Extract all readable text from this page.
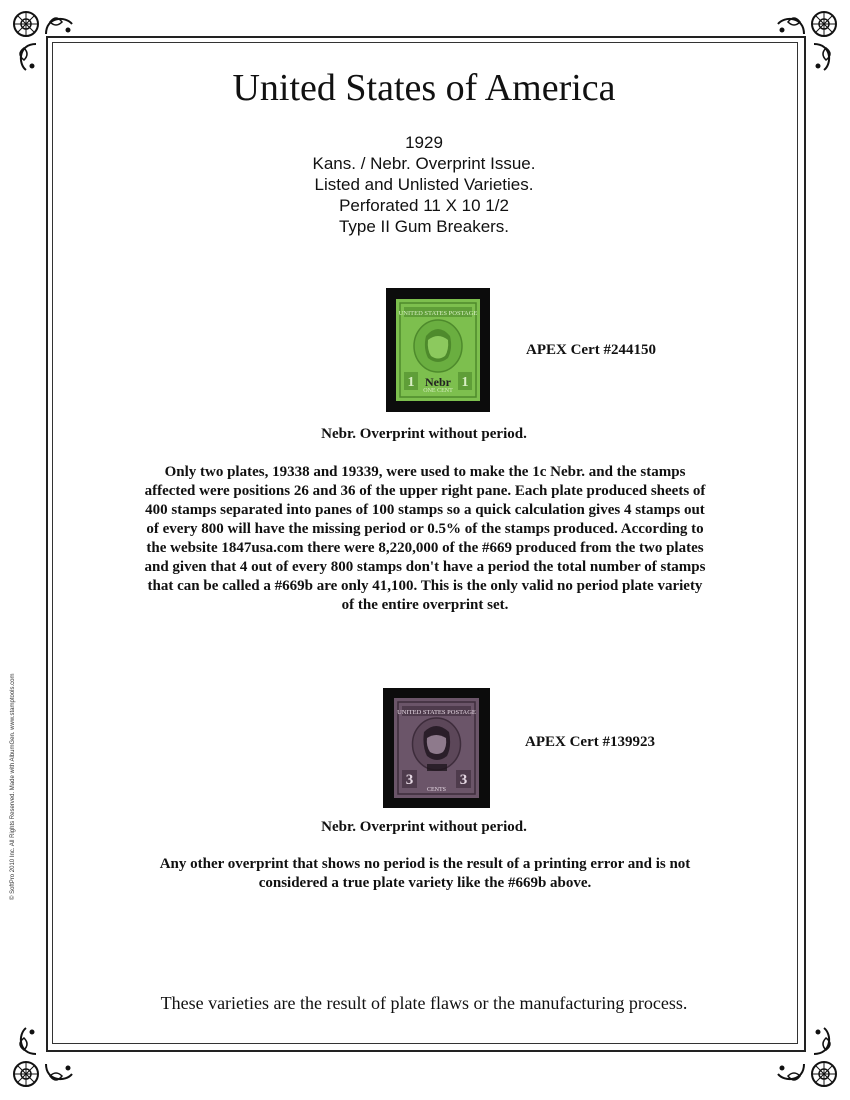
© SoftPro 2010 Inc. All Rights Reserved. Made with AlbumGen. www.stamptools.com
United States of America
1929
Kans. / Nebr. Overprint Issue.
Listed and Unlisted Varieties.
Perforated 11 X 10 1/2
Type II Gum Breakers.
UNITED STATES POSTAGE
1	1
ONE CENT
Nebr
APEX Cert #244150
Nebr. Overprint without period.
Only two plates, 19338 and 19339, were used to make the 1c Nebr. and the stamps
affected were positions 26 and 36 of the upper right pane. Each plate produced sheets of
400 stamps separated into panes of 100 stamps so a quick calculation gives 4 stamps out
of every 800 will have the missing period or 0.5% of the stamps produced. According to
the website 1847usa.com there were 8,220,000 of the #669 produced from the two plates
and given that 4 out of every 800 stamps don't have a period the total number of stamps
that can be called a #669b are only 41,100. This is the only valid no period plate variety
of the entire overprint set.
UNITED STATES POSTAGE
3	3
CENTS
APEX Cert #139923
Nebr. Overprint without period.
Any other overprint that shows no period is the result of a printing error and is not
considered a true plate variety like the #669b above.
These varieties are the result of plate flaws or the manufacturing process.
